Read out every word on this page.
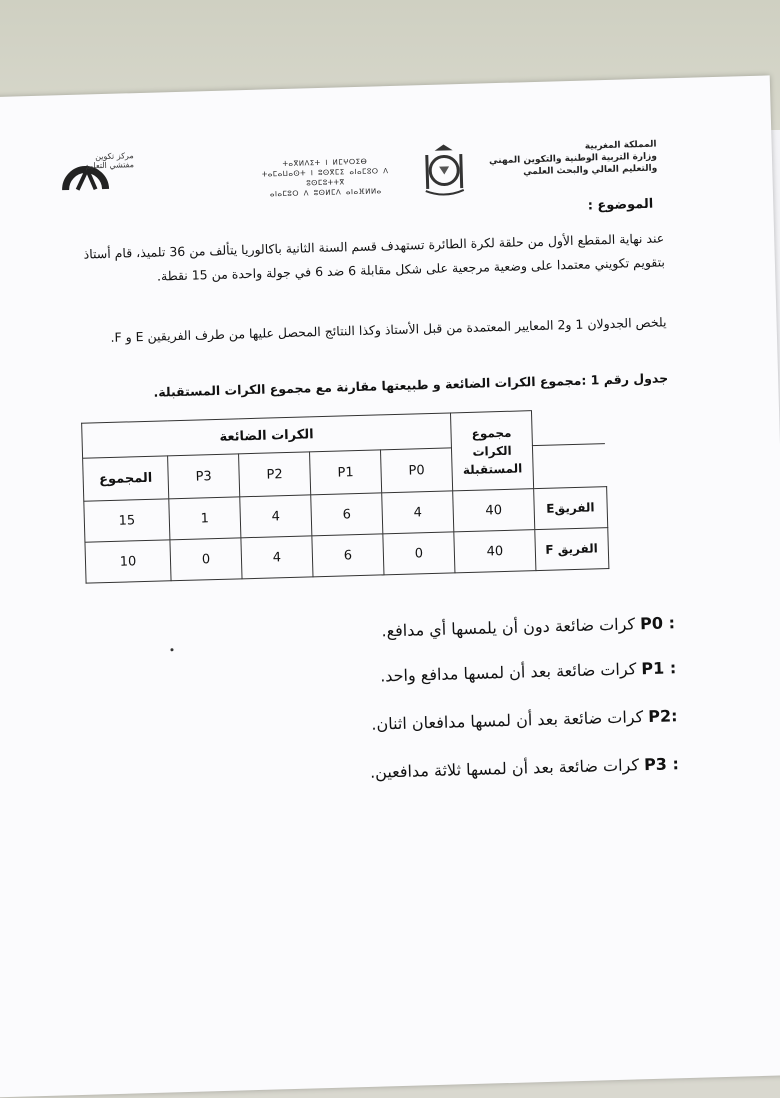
مركز تكوين
مفتشي التعليم	ⵜⴰⴳⵍⴷⵉⵜ ⵏ ⵍⵎⵖⵔⵉⴱ
ⵜⴰⵎⴰⵡⴰⵙⵜ ⵏ ⵓⵙⴳⵎⵉ ⴰⵏⴰⵎⵓⵔ ⴷ ⵓⵙⵎⵓⵜⵜⴳ
ⴰⵏⴰⵎⵓⵔ ⴷ ⵓⵙⵍⵎⴷ ⴰⵏⴰⴼⵍⵍⴰ
المملكة المغربية
وزارة التربية الوطنية والتكوين المهني
والتعليم العالي والبحث العلمي
الموضوع :
عند نهاية المقطع الأول من حلقة لكرة الطائرة تستهدف قسم السنة الثانية باكالوريا يتألف من 36 تلميذ، قام أستاذ بتقويم تكويني معتمدا على وضعية مرجعية على شكل مقابلة 6 ضد 6 في جولة واحدة من 15 نقطة.
يلخص الجدولان 1 و2 المعايير المعتمدة من قبل الأستاذ وكذا النتائج المحصل عليها من طرف الفريقين E و F.
جدول رقم 1 :مجموع الكرات الضائعة و طبيعتها مقارنة مع مجموع الكرات المستقبلة.
	مجموع الكرات المستقبلة	الكرات الضائعة				
		P0	P1	P2	P3	المجموع
الفريقE	40	4	6	4	1	15
الفريق F	40	0	6	4	0	10
P0 : كرات ضائعة دون أن يلمسها أي مدافع.
P1 : كرات ضائعة بعد أن لمسها مدافع واحد.
P2: كرات ضائعة بعد أن لمسها مدافعان اثنان.
P3 : كرات ضائعة بعد أن لمسها ثلاثة مدافعين.
